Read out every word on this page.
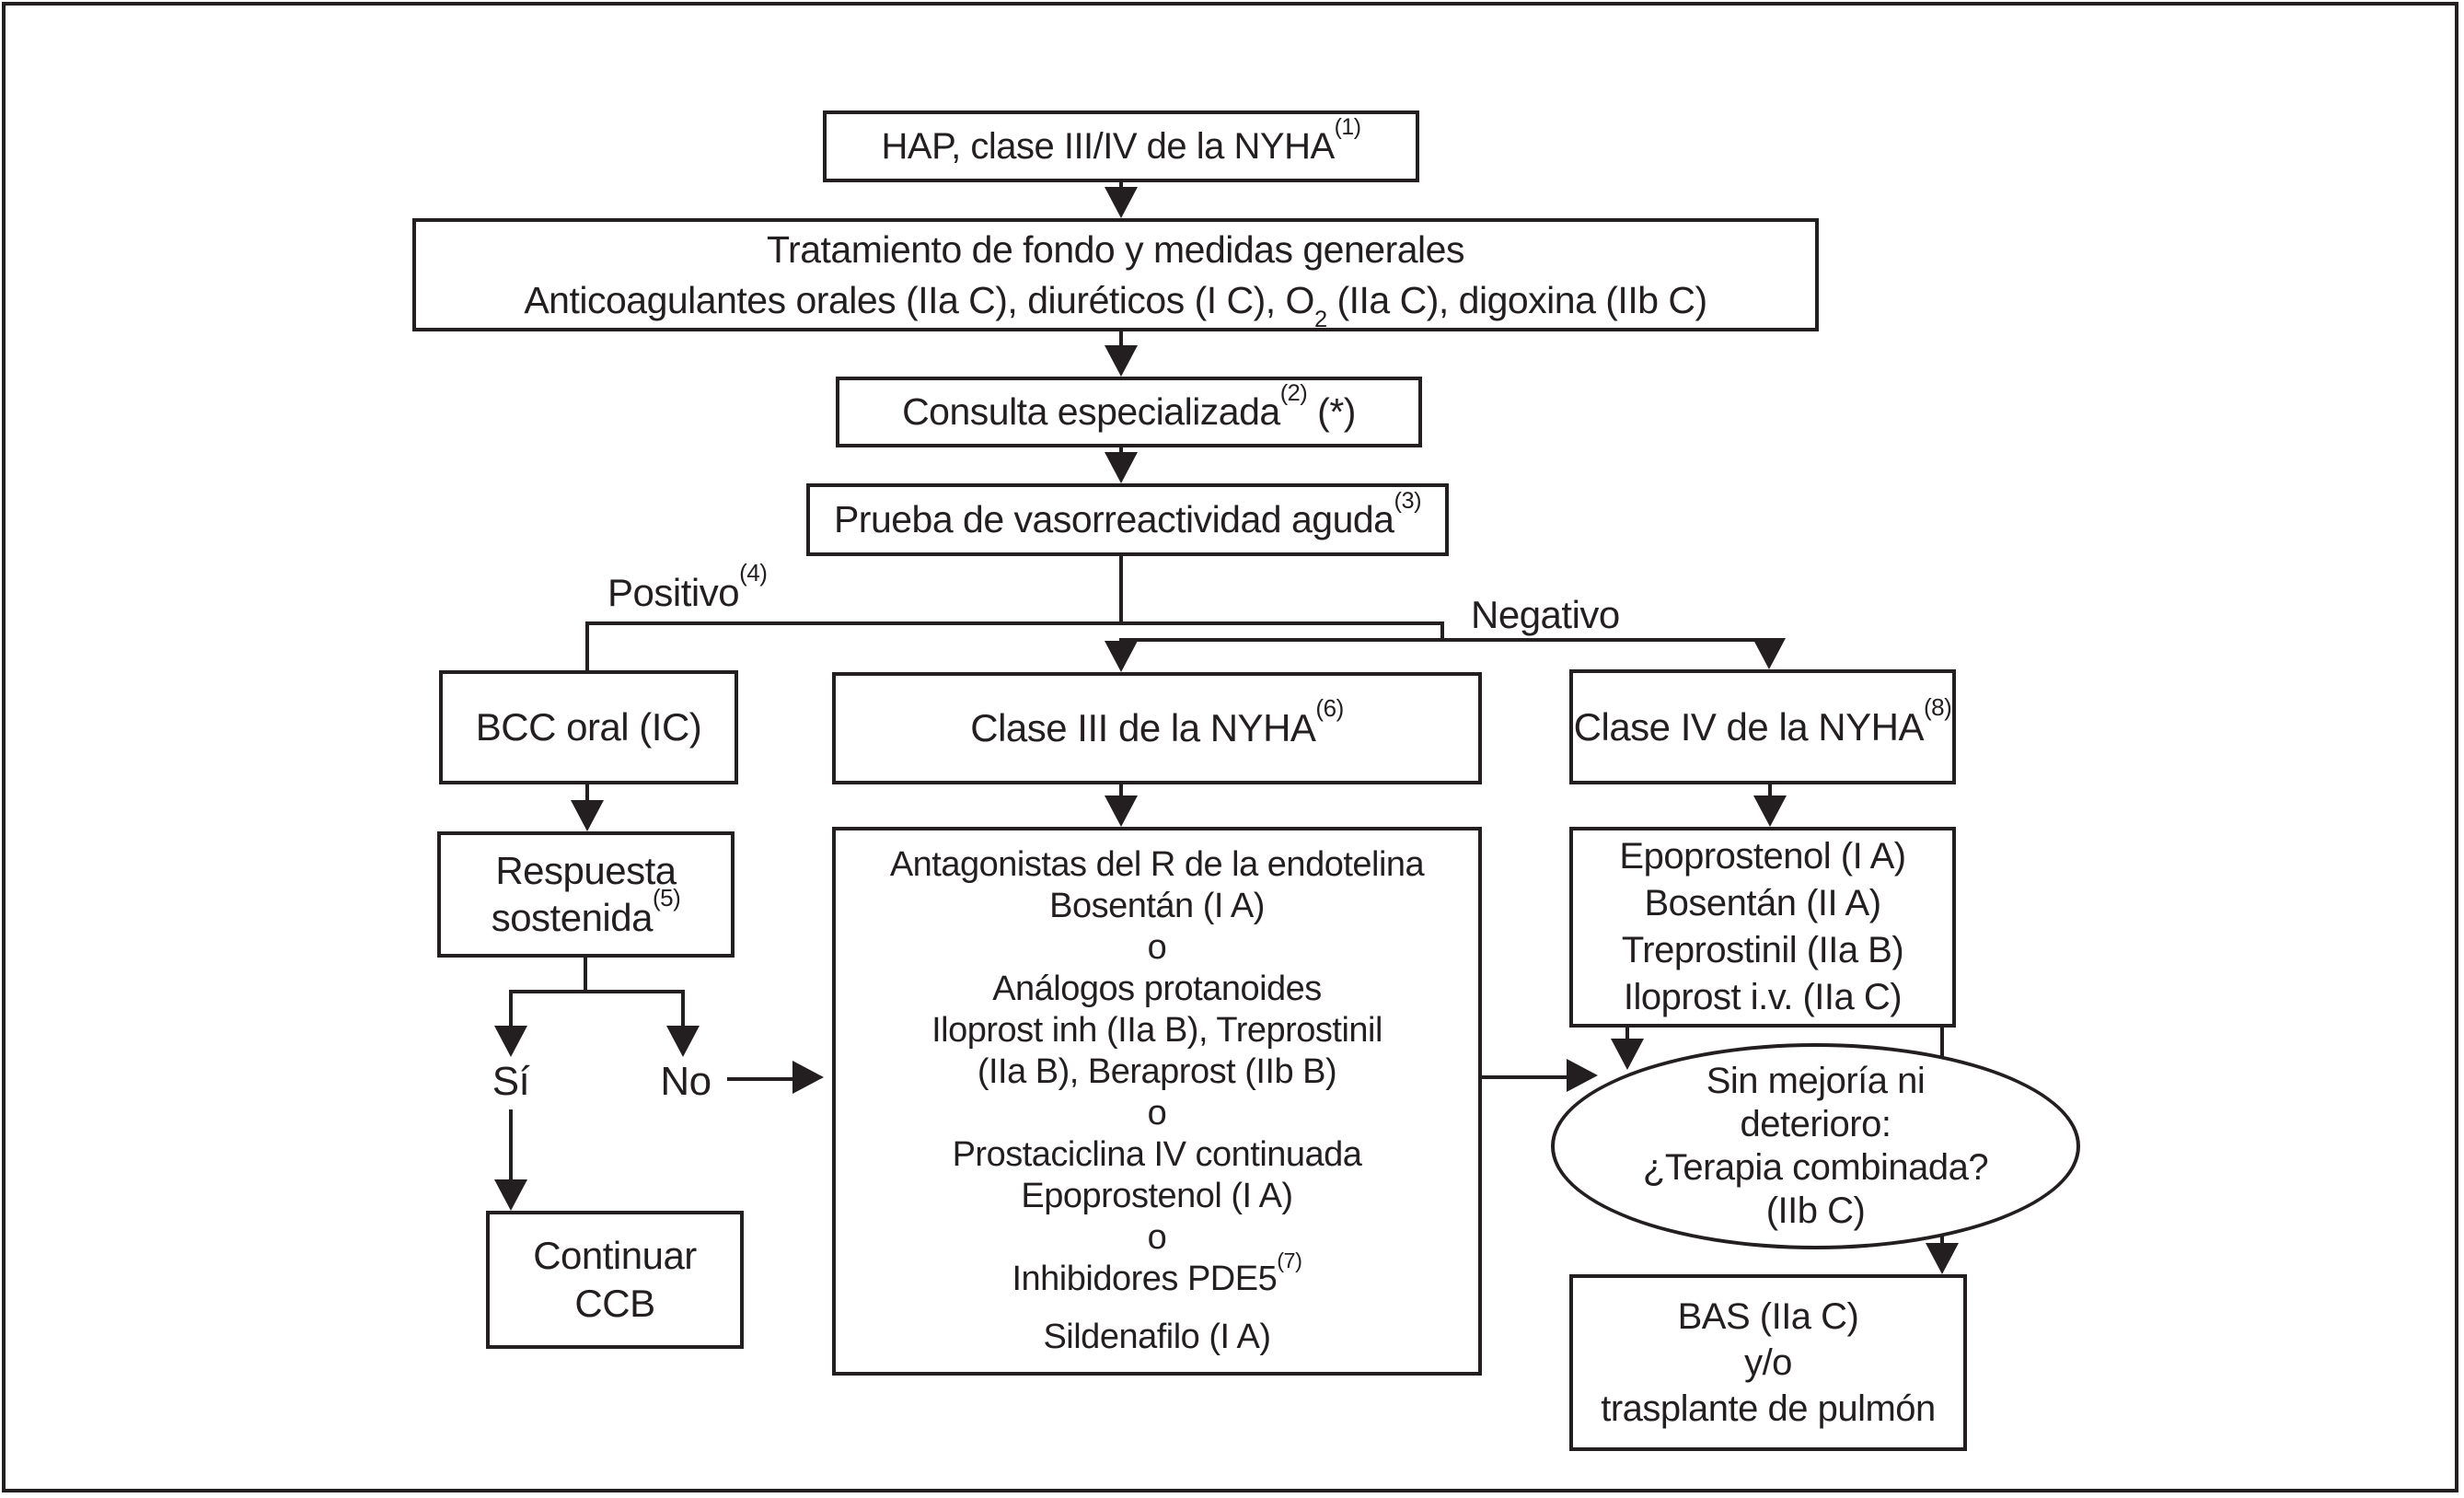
Positivo$^{(4)}$
Negativo
Sí	No
HAP, clase III/IV de la NYHA$^{(1)}$
Tratamiento de fondo y medidas generales
Anticoagulantes orales (IIa C), diuréticos (I C), $O_2$ (IIa C), digoxina (IIb C)
Consulta especializada$^{(2)}$ (*)
Prueba de vasorreactividad aguda$^{(3)}$
BCC oral (IC)	Clase III de la NYHA$^{(6)}$	Clase IV de la NYHA$^{(8)}$
Respuesta
sostenida$^{(5)}$
Antagonistas del R de la endotelina
Bosentán (I A)
o
Análogos protanoides
Iloprost inh (IIa B), Treprostinil
(IIa B), Beraprost (IIb B)
o
Prostaciclina IV continuada
Epoprostenol (I A)
o
Inhibidores PDE5$^{(7)}$
Sildenafilo (I A)
Epoprostenol (I A)
Bosentán (II A)
Treprostinil (IIa B)
Iloprost i.v. (IIa C)
Sin mejoría ni
deterioro:
¿Terapia combinada?
(IIb C)
BAS (IIa C)
y/o
trasplante de pulmón
Continuar
CCB
